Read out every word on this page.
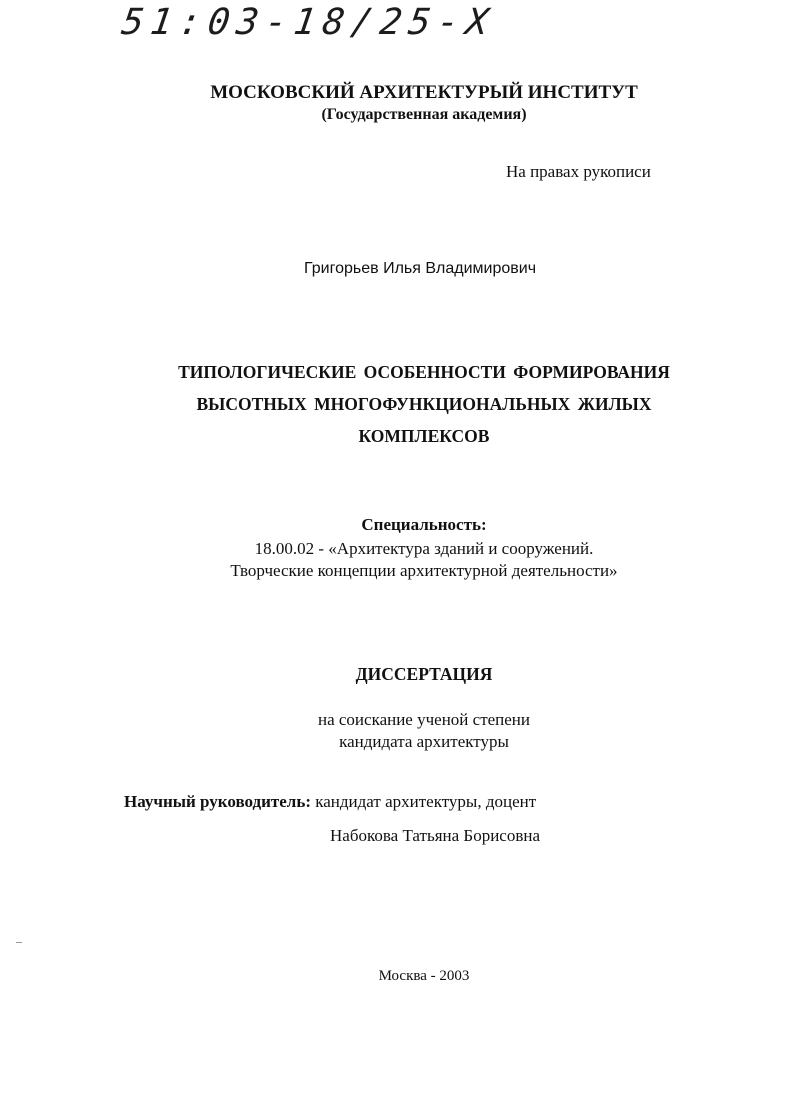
51:03-18/25-X
МОСКОВСКИЙ АРХИТЕКТУРЫЙ ИНСТИТУТ
(Государственная академия)
На правах рукописи
Григорьев Илья Владимирович
ТИПОЛОГИЧЕСКИЕ ОСОБЕННОСТИ ФОРМИРОВАНИЯ
ВЫСОТНЫХ МНОГОФУНКЦИОНАЛЬНЫХ ЖИЛЫХ
КОМПЛЕКСОВ
Специальность:
18.00.02 - «Архитектура зданий и сооружений.
Творческие концепции архитектурной деятельности»
ДИССЕРТАЦИЯ
на соискание ученой степени
кандидата архитектуры
Научный руководитель: кандидат архитектуры, доцент
Набокова Татьяна Борисовна
Москва - 2003
